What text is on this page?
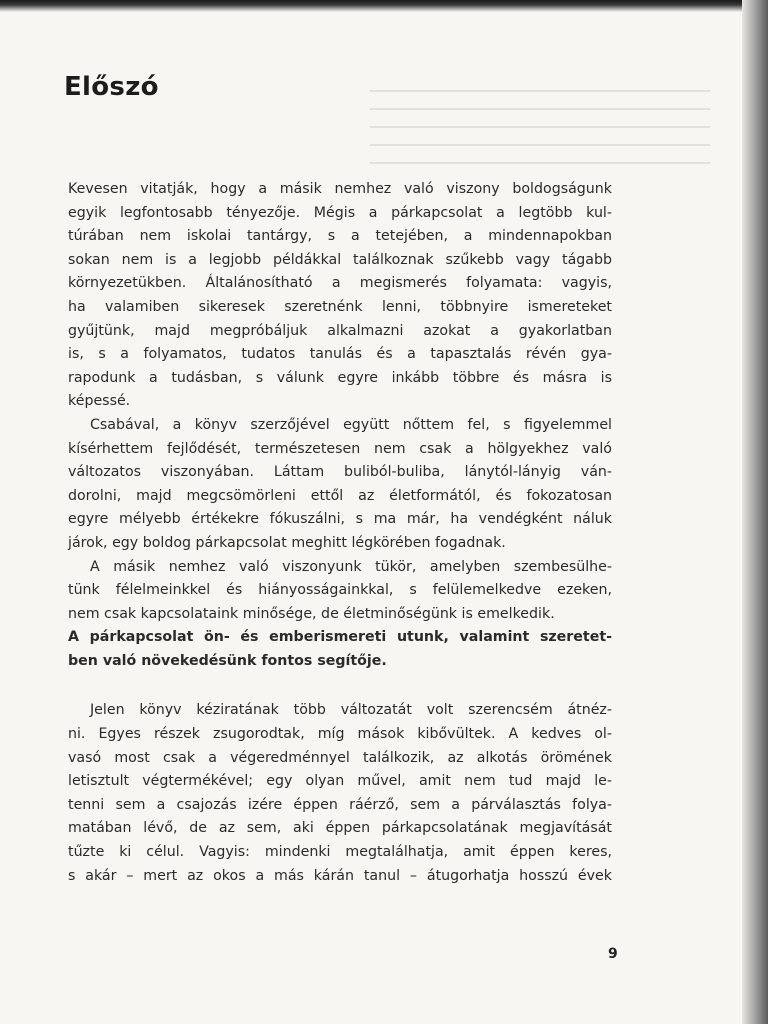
Előszó
Kevesen vitatják, hogy a másik nemhez való viszony boldogságunk
egyik legfontosabb tényezője. Mégis a párkapcsolat a legtöbb kul-
túrában nem iskolai tantárgy, s a tetejében, a mindennapokban
sokan nem is a legjobb példákkal találkoznak szűkebb vagy tágabb
környezetükben. Általánosítható a megismerés folyamata: vagyis,
ha valamiben sikeresek szeretnénk lenni, többnyire ismereteket
gyűjtünk, majd megpróbáljuk alkalmazni azokat a gyakorlatban
is, s a folyamatos, tudatos tanulás és a tapasztalás révén gya-
rapodunk a tudásban, s válunk egyre inkább többre és másra is
képessé.
Csabával, a könyv szerzőjével együtt nőttem fel, s figyelemmel
kísérhettem fejlődését, természetesen nem csak a hölgyekhez való
változatos viszonyában. Láttam buliból-buliba, lánytól-lányig ván-
dorolni, majd megcsömörleni ettől az életformától, és fokozatosan
egyre mélyebb értékekre fókuszálni, s ma már, ha vendégként náluk
járok, egy boldog párkapcsolat meghitt légkörében fogadnak.
A másik nemhez való viszonyunk tükör, amelyben szembesülhe-
tünk félelmeinkkel és hiányosságainkkal, s felülemelkedve ezeken,
nem csak kapcsolataink minősége, de életminőségünk is emelkedik.
A párkapcsolat ön- és emberismereti utunk, valamint szeretet-
ben való növekedésünk fontos segítője.
Jelen könyv kéziratának több változatát volt szerencsém átnéz-
ni. Egyes részek zsugorodtak, míg mások kibővültek. A kedves ol-
vasó most csak a végeredménnyel találkozik, az alkotás örömének
letisztult végtermékével; egy olyan művel, amit nem tud majd le-
tenni sem a csajozás izére éppen ráérző, sem a párválasztás folya-
matában lévő, de az sem, aki éppen párkapcsolatának megjavítását
tűzte ki célul. Vagyis: mindenki megtalálhatja, amit éppen keres,
s akár – mert az okos a más kárán tanul – átugorhatja hosszú évek
9
